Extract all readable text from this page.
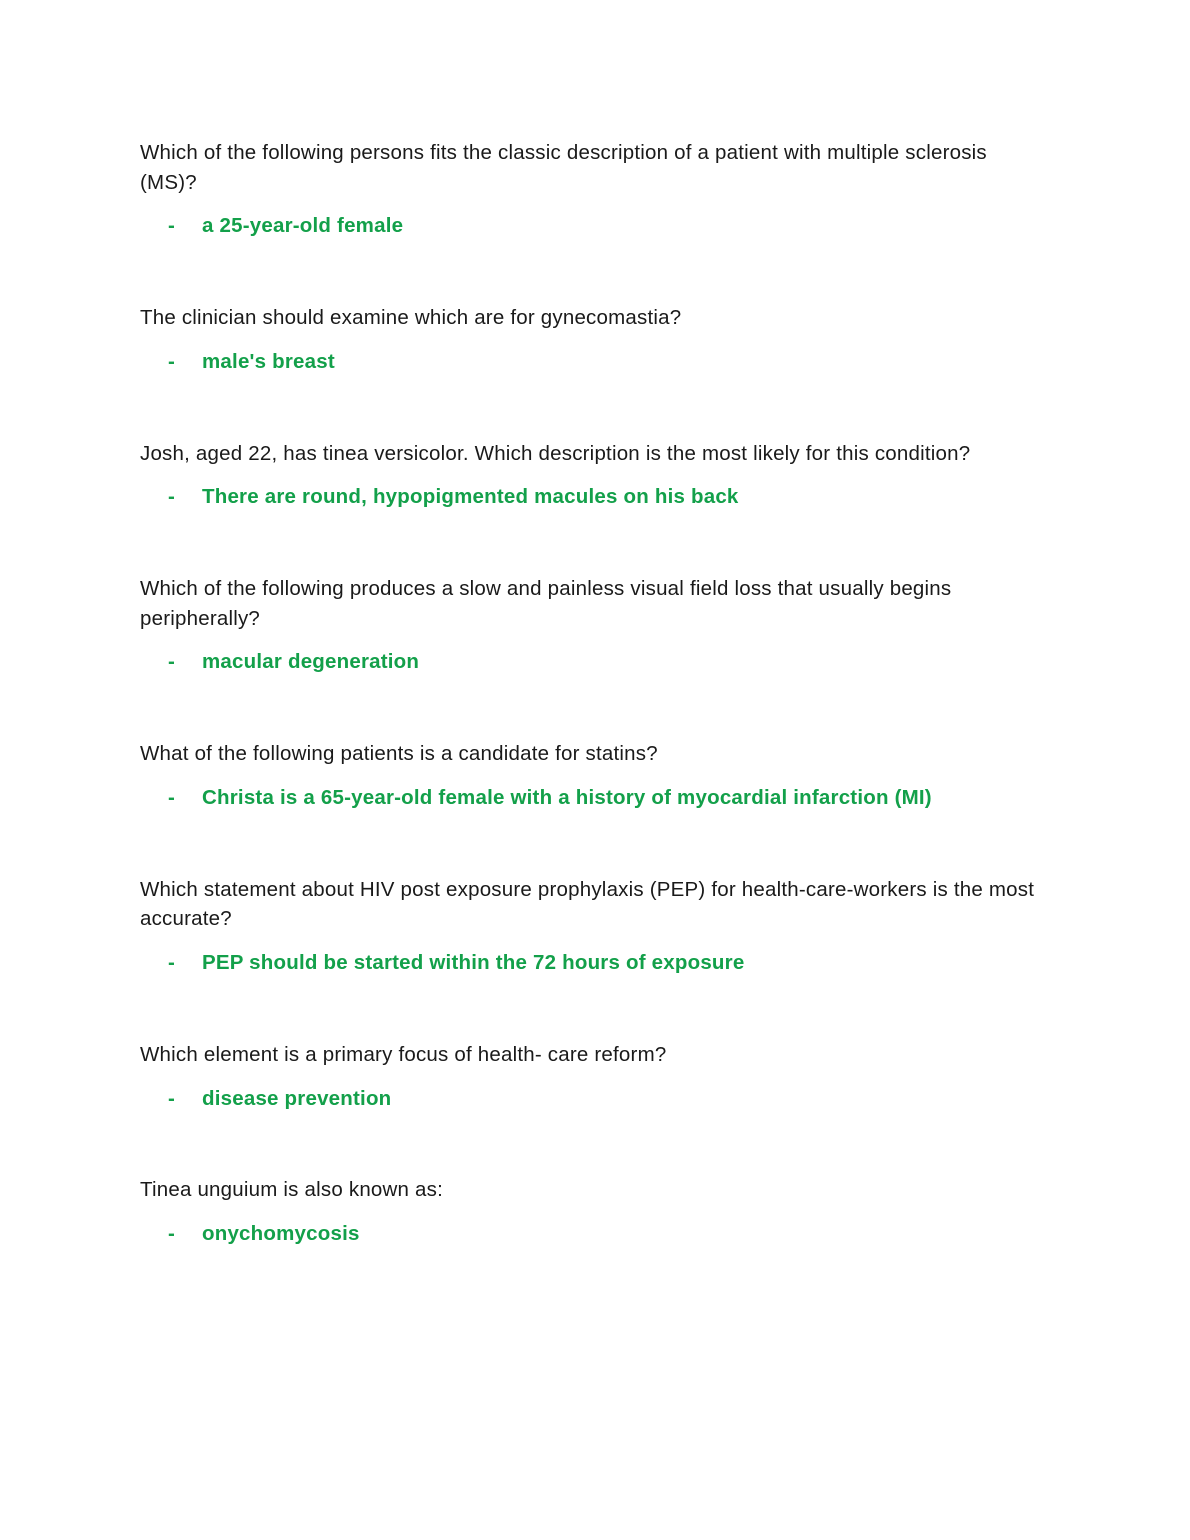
Which of the following persons fits the classic description of a patient with multiple sclerosis (MS)?

-	a 25-year-old female

The clinician should examine which are for gynecomastia?

-	male's breast

Josh, aged 22, has tinea versicolor. Which description is the most likely for this condition?

-	There are round, hypopigmented macules on his back

Which of the following produces a slow and painless visual field loss that usually begins peripherally?

-	macular degeneration

What of the following patients is a candidate for statins?

-	Christa is a 65-year-old female with a history of myocardial infarction (MI)

Which statement about HIV post exposure prophylaxis (PEP) for health-care-workers is the most accurate?

-	PEP should be started within the 72 hours of exposure

Which element is a primary focus of health- care reform?

-	disease prevention

Tinea unguium is also known as:

-	onychomycosis
